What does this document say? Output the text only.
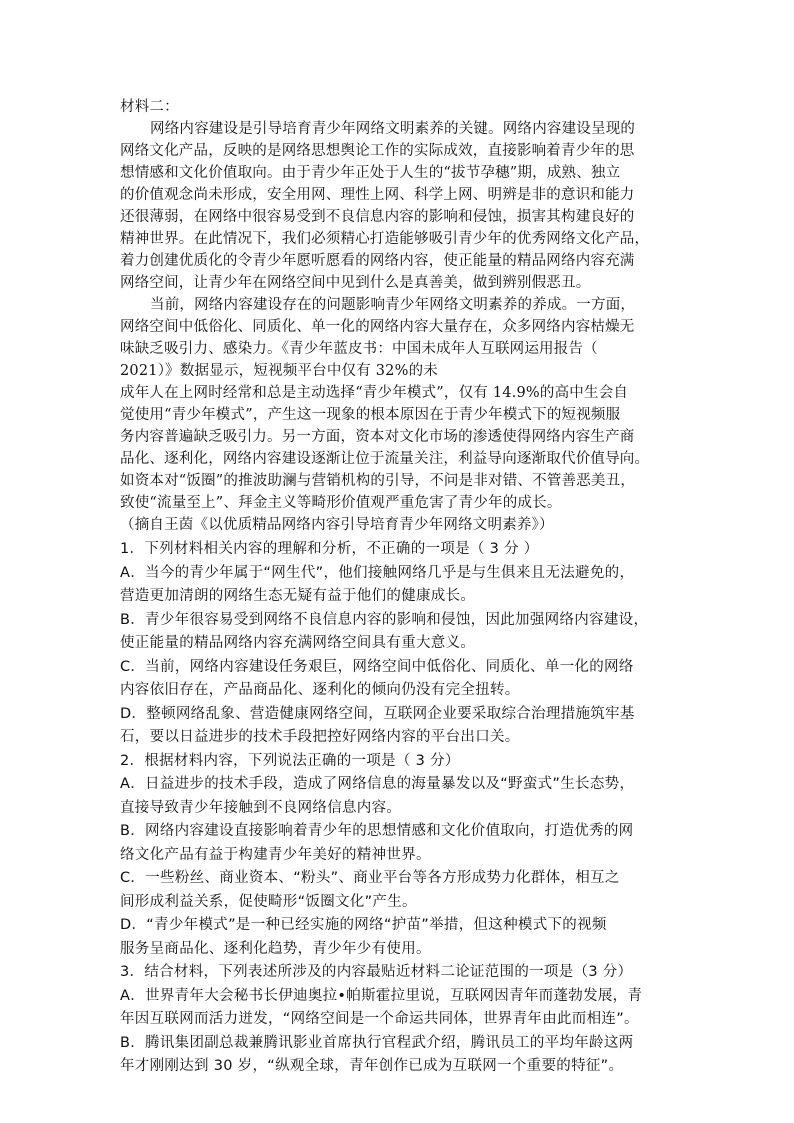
材料二：
网络内容建设是引导培育青少年网络文明素养的关键。网络内容建设呈现的
网络文化产品，反映的是网络思想舆论工作的实际成效，直接影响着青少年的思
想情感和文化价值取向。由于青少年正处于人生的“拔节孕穗”期，成熟、独立
的价值观念尚未形成，安全用网、理性上网、科学上网、明辨是非的意识和能力
还很薄弱，在网络中很容易受到不良信息内容的影响和侵蚀，损害其构建良好的
精神世界。在此情况下，我们必须精心打造能够吸引青少年的优秀网络文化产品，
着力创建优质化的令青少年愿听愿看的网络内容，使正能量的精品网络内容充满
网络空间，让青少年在网络空间中见到什么是真善美，做到辨别假恶丑。
当前，网络内容建设存在的问题影响青少年网络文明素养的养成。一方面，
网络空间中低俗化、同质化、单一化的网络内容大量存在，众多网络内容枯燥无
味缺乏吸引力、感染力。《青少年蓝皮书：中国未成年人互联网运用报告（
2021）》数据显示，短视频平台中仅有 32%的未
成年人在上网时经常和总是主动选择“青少年模式”，仅有 14.9%的高中生会自
觉使用“青少年模式”，产生这一现象的根本原因在于青少年模式下的短视频服
务内容普遍缺乏吸引力。另一方面，资本对文化市场的渗透使得网络内容生产商
品化、逐利化，网络内容建设逐渐让位于流量关注，利益导向逐渐取代价值导向。
如资本对“饭圈”的推波助澜与营销机构的引导，不问是非对错、不管善恶美丑，
致使“流量至上”、拜金主义等畸形价值观严重危害了青少年的成长。
（摘自王茵《以优质精品网络内容引导培育青少年网络文明素养》）
1．下列材料相关内容的理解和分析，不正确的一项是（ 3 分 ）
A．当今的青少年属于“网生代”，他们接触网络几乎是与生俱来且无法避免的，
营造更加清朗的网络生态无疑有益于他们的健康成长。
B．青少年很容易受到网络不良信息内容的影响和侵蚀，因此加强网络内容建设，
使正能量的精品网络内容充满网络空间具有重大意义。
C．当前，网络内容建设任务艰巨，网络空间中低俗化、同质化、单一化的网络
内容依旧存在，产品商品化、逐利化的倾向仍没有完全扭转。
D．整顿网络乱象、营造健康网络空间，互联网企业要采取综合治理措施筑牢基
石，要以日益进步的技术手段把控好网络内容的平台出口关。
2．根据材料内容，下列说法正确的一项是（ 3 分）
A．日益进步的技术手段，造成了网络信息的海量暴发以及“野蛮式”生长态势，
直接导致青少年接触到不良网络信息内容。
B．网络内容建设直接影响着青少年的思想情感和文化价值取向，打造优秀的网
络文化产品有益于构建青少年美好的精神世界。
C．一些粉丝、商业资本、“粉头”、商业平台等各方形成势力化群体，相互之
间形成利益关系，促使畸形“饭圈文化”产生。
D．“青少年模式”是一种已经实施的网络“护苗”举措，但这种模式下的视频
服务呈商品化、逐利化趋势，青少年少有使用。
3．结合材料，下列表述所涉及的内容最贴近材料二论证范围的一项是（3 分）
A．世界青年大会秘书长伊迪奥拉•帕斯霍拉里说，互联网因青年而蓬勃发展，青
年因互联网而活力迸发，“网络空间是一个命运共同体，世界青年由此而相连”。
B．腾讯集团副总裁兼腾讯影业首席执行官程武介绍，腾讯员工的平均年龄这两
年才刚刚达到 30 岁，“纵观全球，青年创作已成为互联网一个重要的特征”。
